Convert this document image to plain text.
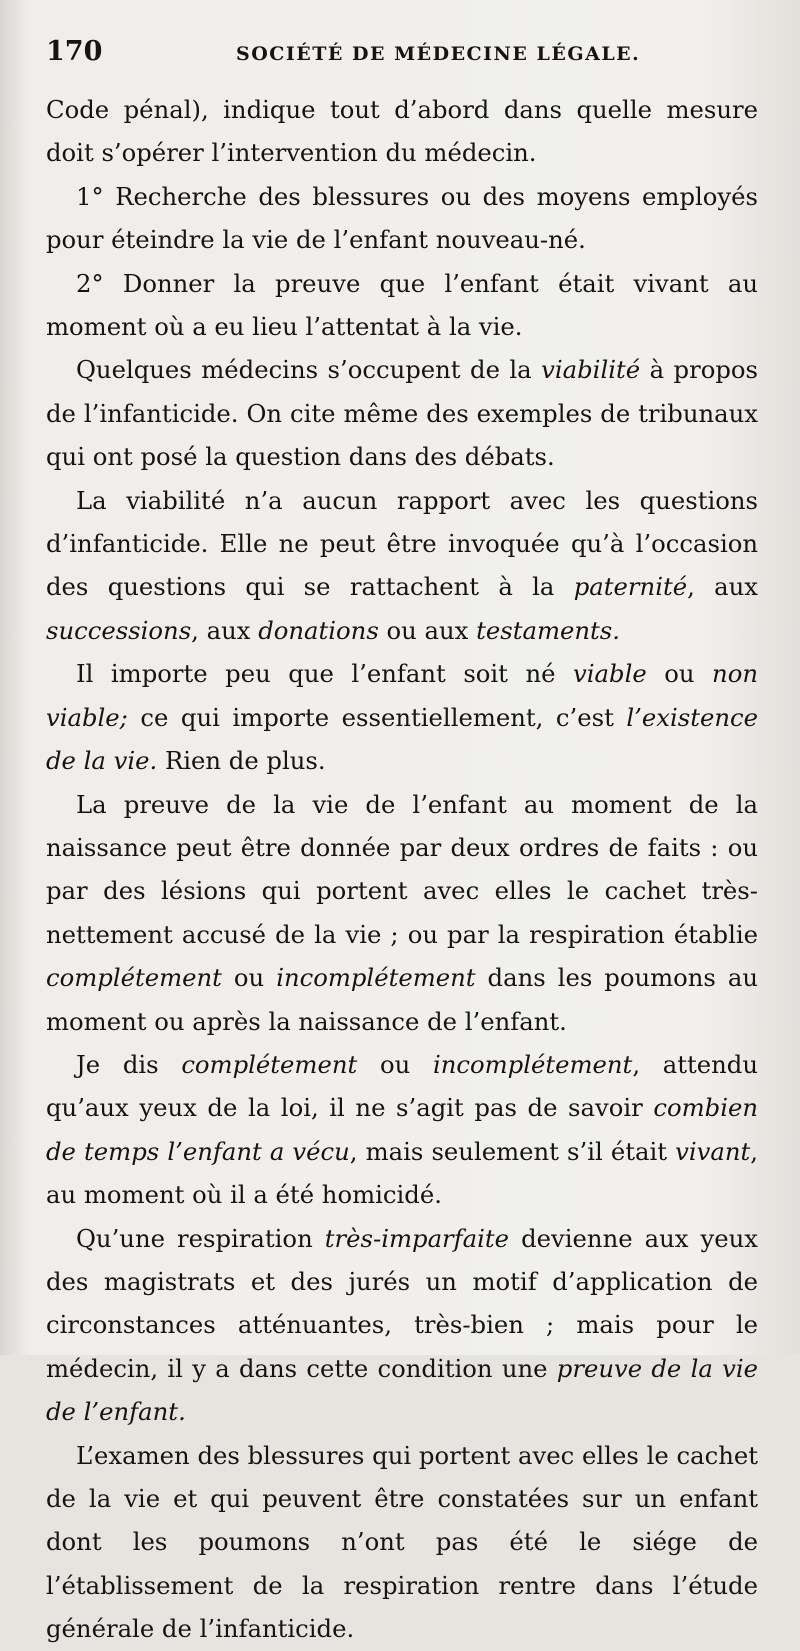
170	SOCIÉTÉ DE MÉDECINE LÉGALE.

Code pénal), indique tout d’abord dans quelle mesure doit s’opérer l’intervention du médecin.

1° Recherche des blessures ou des moyens employés pour éteindre la vie de l’enfant nouveau-né.

2° Donner la preuve que l’enfant était vivant au moment où a eu lieu l’attentat à la vie.

Quelques médecins s’occupent de la viabilité à propos de l’infanticide. On cite même des exemples de tribunaux qui ont posé la question dans des débats.

La viabilité n’a aucun rapport avec les questions d’infanticide. Elle ne peut être invoquée qu’à l’occasion des questions qui se rattachent à la paternité, aux successions, aux donations ou aux testaments.

Il importe peu que l’enfant soit né viable ou non viable; ce qui importe essentiellement, c’est l’existence de la vie. Rien de plus.

La preuve de la vie de l’enfant au moment de la naissance peut être donnée par deux ordres de faits : ou par des lésions qui portent avec elles le cachet très-nettement accusé de la vie ; ou par la respiration établie complétement ou incomplétement dans les poumons au moment ou après la naissance de l’enfant.

Je dis complétement ou incomplétement, attendu qu’aux yeux de la loi, il ne s’agit pas de savoir combien de temps l’enfant a vécu, mais seulement s’il était vivant, au moment où il a été homicidé.

Qu’une respiration très-imparfaite devienne aux yeux des magistrats et des jurés un motif d’application de circonstances atténuantes, très-bien ; mais pour le médecin, il y a dans cette condition une preuve de la vie de l’enfant.

L’examen des blessures qui portent avec elles le cachet de la vie et qui peuvent être constatées sur un enfant dont les poumons n’ont pas été le siége de l’établissement de la respiration rentre dans l’étude générale de l’infanticide.
